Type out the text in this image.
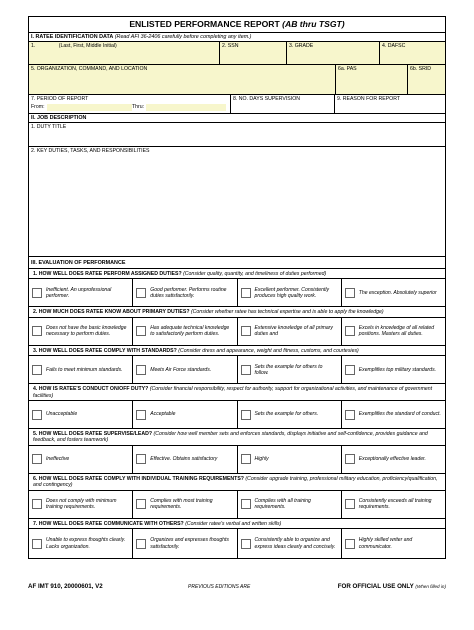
ENLISTED PERFORMANCE REPORT (AB thru TSGT)
I. RATEE IDENTIFICATION DATA (Read AFI 36-2406 carefully before completing any item.)
1.	(Last, First, Middle Initial)	2. SSN	3. GRADE	4. DAFSC
5. ORGANIZATION, COMMAND, AND LOCATION	6a. PAS	6b. SRID
7. PERIOD OF REPORT
From:	Thru:
8. NO. DAYS SUPERVISION	9. REASON FOR REPORT
II. JOB DESCRIPTION
1. DUTY TITLE
2. KEY DUTIES, TASKS, AND RESPONSIBILITIES
III. EVALUATION OF PERFORMANCE
1. HOW WELL DOES RATEE PERFORM ASSIGNED DUTIES? (Consider quality, quantity, and timeliness of duties performed)
Inefficient. An unprofessional performer.
Good performer. Performs routine duties satisfactorily.
Excellent performer. Consistently produces high quality work.
The exception. Absolutely superior
2. HOW MUCH DOES RATEE KNOW ABOUT PRIMARY DUTIES? (Consider whether ratee has technical expertise and is able to apply the knowledge)
Does not have the basic knowledge necessary to perform duties.
Has adequate technical knowledge to satisfactorily perform duties.
Extensive knowledge of all primary duties and
Excels in knowledge of all related positions. Masters all duties.
3. HOW WELL DOES RATEE COMPLY WITH STANDARDS? (Consider dress and appearance, weight and fitness, customs, and courtesies)
Fails to meet minimum standards.	Meets Air Force standards.
Sets the example for others to follow.
Exemplifies top military standards.
4. HOW IS RATEE'S CONDUCT ON/OFF DUTY? (Consider financial responsibility, respect for authority, support for organizational activities, and maintenance of government facilities)
Unacceptable	Acceptable	Sets the example for others.	Exemplifies the standard of conduct.
5. HOW WELL DOES RATEE SUPERVISE/LEAD? (Consider how well member sets and enforces standards, displays initiative and self-confidence, provides guidance and feedback, and fosters teamwork)
Ineffective	Effective. Obtains satisfactory	Highly	Exceptionally effective leader.
6. HOW WELL DOES RATEE COMPLY WITH INDIVIDUAL TRAINING REQUIREMENTS? (Consider upgrade training, professional military education, proficiency/qualification, and contingency)
Does not comply with minimum training requirements.
Complies with most training requirements.
Complies with all training requirements.
Consistently exceeds all training requirements.
7. HOW WELL DOES RATEE COMMUNICATE WITH OTHERS? (Consider ratee's verbal and written skills)
Unable to express thoughts clearly. Lacks organization.
Organizes and expresses thoughts satisfactorily.
Consistently able to organize and express ideas clearly and concisely.
Highly skilled writer and communicator.
AF IMT 910, 20000601, V2	PREVIOUS EDITIONS ARE	FOR OFFICIAL USE ONLY (When filled in)
